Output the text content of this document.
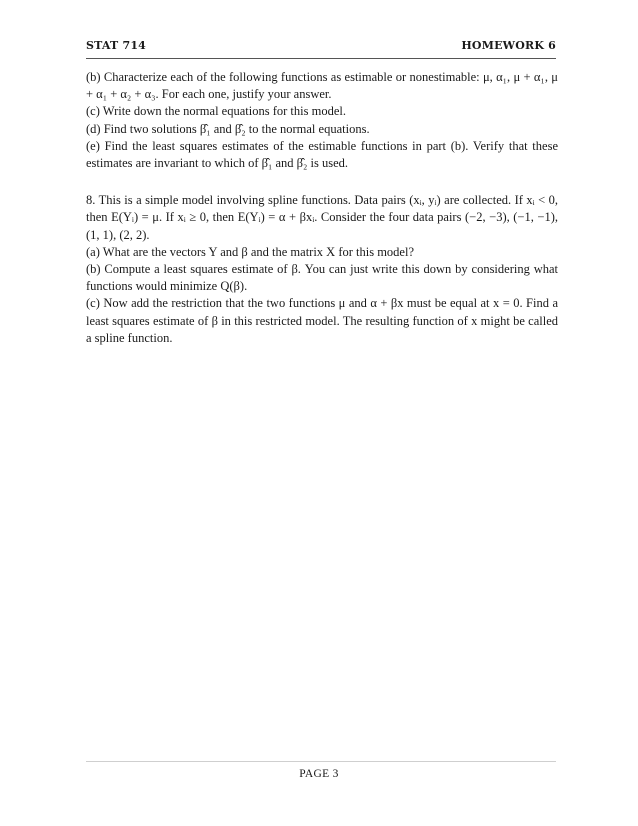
STAT 714	HOMEWORK 6

(b) Characterize each of the following functions as estimable or nonestimable: μ, α₁, μ + α₁, μ + α₁ + α₂ + α₃. For each one, justify your answer.

(c) Write down the normal equations for this model.

(d) Find two solutions β̂₁ and β̂₂ to the normal equations.

(e) Find the least squares estimates of the estimable functions in part (b). Verify that these estimates are invariant to which of β̂₁ and β̂₂ is used.

8. This is a simple model involving spline functions. Data pairs (xᵢ, yᵢ) are collected. If xᵢ < 0, then E(Yᵢ) = μ. If xᵢ ≥ 0, then E(Yᵢ) = α + βxᵢ. Consider the four data pairs (−2, −3), (−1, −1), (1, 1), (2, 2).

(a) What are the vectors Y and β and the matrix X for this model?

(b) Compute a least squares estimate of β. You can just write this down by considering what functions would minimize Q(β).

(c) Now add the restriction that the two functions μ and α + βx must be equal at x = 0. Find a least squares estimate of β in this restricted model. The resulting function of x might be called a spline function.

PAGE 3
